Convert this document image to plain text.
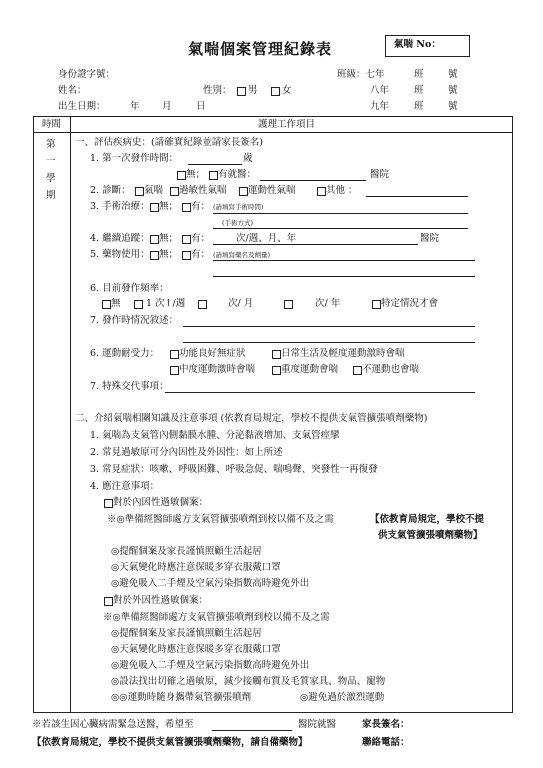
氣喘個案管理紀錄表	氣喘 No：
身份證字號：	班級：七年	班	號
姓名：	性別： 男	女	八年	班	號
出生日期：	年 月	日	九年	班	號
時間	護理工作項目
第
一
學
期
一、評估疾病史：(請確實紀錄並請家長簽名)
1. 第一次發作時間：	歲
無； 有就醫：	醫院
2. 診斷： 氣喘 過敏性氣喘 運動性氣喘	其他 ：
3. 手術治療： 無； 有： (請填寫手術時間)
(手術方式)
4. 繼續追蹤： 無； 有：	次/週、月、年	醫院
5. 藥物使用： 無； 有： (請填寫藥名及劑量)
6. 目前發作頻率：
無	1 次↑/週	次/ 月	次/ 年	特定情況才會
7. 發作時情況敘述：
6. 運動耐受力： 功能良好無症狀	日常生活及輕度運動激時會喘
中度運動激時會喘	重度運動會喘	不運動也會喘
7. 特殊交代事項：
二、介紹氣喘相關知識及注意事項 (依教育局規定，學校不提供支氣管擴張噴劑藥物)
1. 氣喘為支氣管內側黏膜水腫、分泌黏液增加、支氣管痙攣
2. 常見過敏原可分內因性及外因性：如上所述
3. 常見症狀：咳嗽、呼吸困難、呼吸急促、喘鳴聲、突發性一再復發
4. 應注意事項：
對於內因性過敏個案：
※◎準備經醫師處方支氣管擴張噴劑到校以備不及之需	【依教育局規定，學校不提
供支氣管擴張噴劑藥物】
◎提醒個案及家長謹慎照顧生活起居
◎天氣變化時應注意保暖多穿衣服戴口罩
◎避免吸入二手煙及空氣污染指數高時避免外出
對於外因性過敏個案：
※◎準備經醫師處方支氣管擴張噴劑到校以備不及之需
◎提醒個案及家長謹慎照顧生活起居
◎天氣變化時應注意保暖多穿衣服戴口罩
◎避免吸入二手煙及空氣污染指數高時避免外出
◎設法找出切確之過敏原，減少接觸布質及毛質家具、物品、寵物
◎◎運動時隨身攜帶氣管擴張噴劑	◎避免過於激烈運動
※若該生因心臟病需緊急送醫，希望至	醫院就醫	家長簽名：
【依教育局規定，學校不提供支氣管擴張噴劑藥物，請自備藥物】	聯絡電話：
